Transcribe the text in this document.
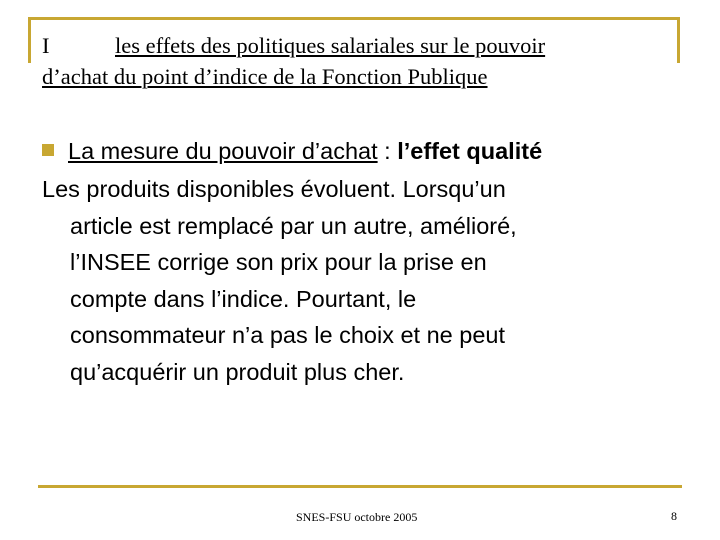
I	les effets des politiques salariales sur le pouvoir
d’achat du point d’indice de la Fonction Publique
La mesure du pouvoir d’achat : l’effet qualité
Les produits disponibles évoluent. Lorsqu’un
article est remplacé par un autre, amélioré,
l’INSEE corrige son prix pour la prise en
compte dans l’indice. Pourtant, le
consommateur n’a pas le choix et ne peut
qu’acquérir un produit plus cher.
SNES-FSU octobre 2005	8
